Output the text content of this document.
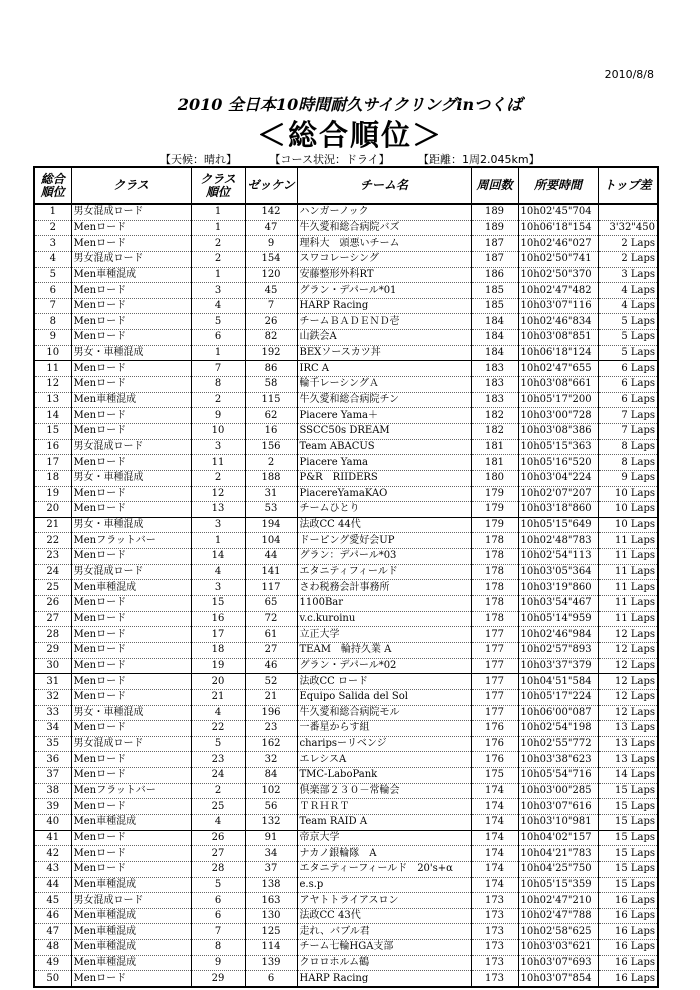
2010/8/8
2010 全日本10時間耐久サイクリングinつくば
＜総合順位＞
【天候：晴れ】	【コース状況：ドライ】	【距離：1周2.045km】
総合
順位	クラス	クラス
順位	ゼッケン	チーム名	周回数	所要時間	トップ差
1	男女混成ロード	1	142	ハンガーノック	189	10h02'45"704	
2	Menロード	1	47	牛久愛和総合病院バズ	189	10h06'18"154	3'32"450
3	Menロード	2	9	理科大　頭悪いチーム	187	10h02'46"027	2 Laps
4	男女混成ロード	2	154	スワコレーシング	187	10h02'50"741	2 Laps
5	Men車種混成	1	120	安藤整形外科RT	186	10h02'50"370	3 Laps
6	Menロード	3	45	グラン・デパール*01	185	10h02'47"482	4 Laps
7	Menロード	4	7	HARP Racing	185	10h03'07"116	4 Laps
8	Menロード	5	26	チームＢＡＤＥＮＤ壱	184	10h02'46"834	5 Laps
9	Menロード	6	82	山鉄会A	184	10h03'08"851	5 Laps
10	男女・車種混成	1	192	BEXソースカツ丼	184	10h06'18"124	5 Laps
11	Menロード	7	86	IRC A	183	10h02'47"655	6 Laps
12	Menロード	8	58	輪千レーシングＡ	183	10h03'08"661	6 Laps
13	Men車種混成	2	115	牛久愛和総合病院チン	183	10h05'17"200	6 Laps
14	Menロード	9	62	Piacere Yama＋	182	10h03'00"728	7 Laps
15	Menロード	10	16	SSCC50s DREAM	182	10h03'08"386	7 Laps
16	男女混成ロード	3	156	Team ABACUS	181	10h05'15"363	8 Laps
17	Menロード	11	2	Piacere Yama	181	10h05'16"520	8 Laps
18	男女・車種混成	2	188	P&R　RIIDERS	180	10h03'04"224	9 Laps
19	Menロード	12	31	PiacereYamaKAO	179	10h02'07"207	10 Laps
20	Menロード	13	53	チームひとり	179	10h03'18"860	10 Laps
21	男女・車種混成	3	194	法政CC 44代	179	10h05'15"649	10 Laps
22	Menフラットバー	1	104	ドーピング愛好会UP	178	10h02'48"783	11 Laps
23	Menロード	14	44	グラン：デパール*03	178	10h02'54"113	11 Laps
24	男女混成ロード	4	141	エタニティフィールド	178	10h03'05"364	11 Laps
25	Men車種混成	3	117	さわ税務会計事務所	178	10h03'19"860	11 Laps
26	Menロード	15	65	1100Bar	178	10h03'54"467	11 Laps
27	Menロード	16	72	v.c.kuroinu	178	10h05'14"959	11 Laps
28	Menロード	17	61	立正大学	177	10h02'46"984	12 Laps
29	Menロード	18	27	TEAM　輪持久業 A	177	10h02'57"893	12 Laps
30	Menロード	19	46	グラン・デパール*02	177	10h03'37"379	12 Laps
31	Menロード	20	52	法政CC ロード	177	10h04'51"584	12 Laps
32	Menロード	21	21	Equipo Salida del Sol	177	10h05'17"224	12 Laps
33	男女・車種混成	4	196	牛久愛和総合病院モル	177	10h06'00"087	12 Laps
34	Menロード	22	23	一番星からす組	176	10h02'54"198	13 Laps
35	男女混成ロード	5	162	charipsーリベンジ	176	10h02'55"772	13 Laps
36	Menロード	23	32	エレシスA	176	10h03'38"623	13 Laps
37	Menロード	24	84	TMC-LaboPank	175	10h05'54"716	14 Laps
38	Menフラットバー	2	102	倶楽部２３０－常輪会	174	10h03'00"285	15 Laps
39	Menロード	25	56	ＴＲＨＲＴ	174	10h03'07"616	15 Laps
40	Men車種混成	4	132	Team RAID A	174	10h03'10"981	15 Laps
41	Menロード	26	91	帝京大学	174	10h04'02"157	15 Laps
42	Menロード	27	34	ナカノ銀輪隊　A	174	10h04'21"783	15 Laps
43	Menロード	28	37	エタニティーフィールド　20's+α	174	10h04'25"750	15 Laps
44	Men車種混成	5	138	e.s.p	174	10h05'15"359	15 Laps
45	男女混成ロード	6	163	アヤトトライアスロン	173	10h02'47"210	16 Laps
46	Men車種混成	6	130	法政CC 43代	173	10h02'47"788	16 Laps
47	Men車種混成	7	125	走れ、バブル君	173	10h02'58"625	16 Laps
48	Men車種混成	8	114	チーム七輪HGA支部	173	10h03'03"621	16 Laps
49	Men車種混成	9	139	クロロホルム鶴	173	10h03'07"693	16 Laps
50	Menロード	29	6	HARP Racing	173	10h03'07"854	16 Laps
